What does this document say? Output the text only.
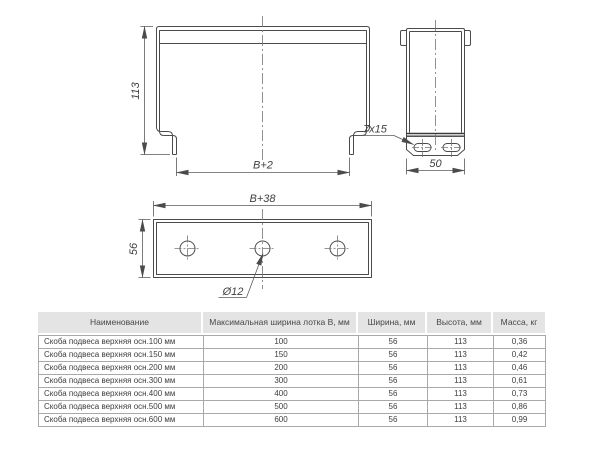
113
B+2
7x15
50
B+38
56
Ø12
Наименование	Максимальная ширина лотка B, мм	Ширина, мм	Высота, мм	Масса, кг
Скоба подвеса верхняя осн.100 мм	100	56	113	0,36
Скоба подвеса верхняя осн.150 мм	150	56	113	0,42
Скоба подвеса верхняя осн.200 мм	200	56	113	0,46
Скоба подвеса верхняя осн.300 мм	300	56	113	0,61
Скоба подвеса верхняя осн.400 мм	400	56	113	0,73
Скоба подвеса верхняя осн.500 мм	500	56	113	0,86
Скоба подвеса верхняя осн.600 мм	600	56	113	0,99
